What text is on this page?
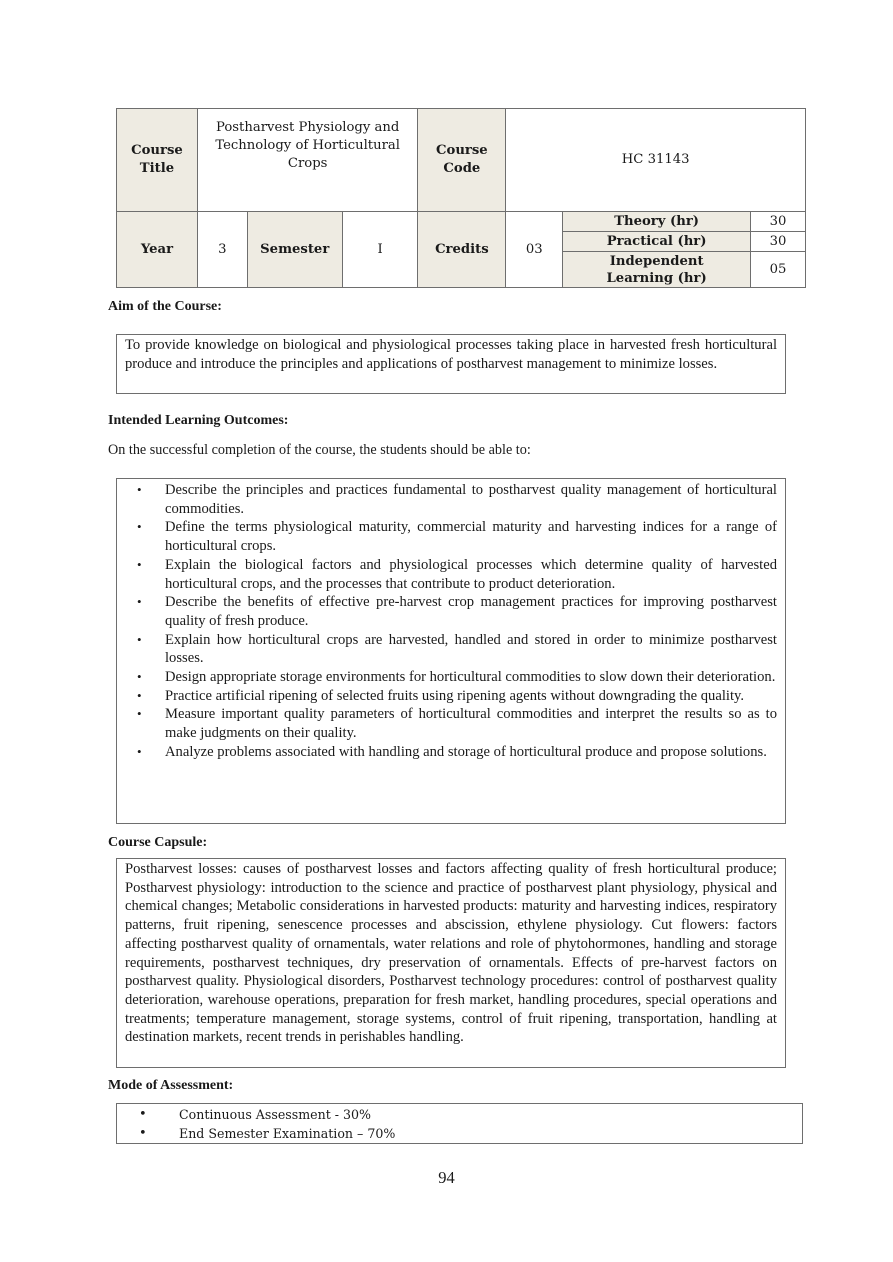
Course Title	Postharvest Physiology and Technology of Horticultural Crops			Course Code	HC 31143		
Year	3	Semester	I	Credits	03	Theory (hr)	30
						Practical (hr)	30
						Independent Learning (hr)	05
Aim of the Course:
To provide knowledge on biological and physiological processes taking place in harvested fresh horticultural produce and introduce the principles and applications of postharvest management to minimize losses.
Intended Learning Outcomes:
On the successful completion of the course, the students should be able to:
• Describe the principles and practices fundamental to postharvest quality management of horticultural commodities.
• Define the terms physiological maturity, commercial maturity and harvesting indices for a range of horticultural crops.
• Explain the biological factors and physiological processes which determine quality of harvested horticultural crops, and the processes that contribute to product deterioration.
• Describe the benefits of effective pre-harvest crop management practices for improving postharvest quality of fresh produce.
• Explain how horticultural crops are harvested, handled and stored in order to minimize postharvest losses.
• Design appropriate storage environments for horticultural commodities to slow down their deterioration.
• Practice artificial ripening of selected fruits using ripening agents without downgrading the quality.
• Measure important quality parameters of horticultural commodities and interpret the results so as to make judgments on their quality.
• Analyze problems associated with handling and storage of horticultural produce and propose solutions.
Course Capsule:
Postharvest losses: causes of postharvest losses and factors affecting quality of fresh horticultural produce; Postharvest physiology: introduction to the science and practice of postharvest plant physiology, physical and chemical changes; Metabolic considerations in harvested products: maturity and harvesting indices, respiratory patterns, fruit ripening, senescence processes and abscission, ethylene physiology. Cut flowers: factors affecting postharvest quality of ornamentals, water relations and role of phytohormones, handling and storage requirements, postharvest techniques, dry preservation of ornamentals. Effects of pre-harvest factors on postharvest quality. Physiological disorders, Postharvest technology procedures: control of postharvest quality deterioration, warehouse operations, preparation for fresh market, handling procedures, special operations and treatments; temperature management, storage systems, control of fruit ripening, transportation, handling at destination markets, recent trends in perishables handling.
Mode of Assessment:
•	Continuous Assessment - 30%
•	End Semester Examination – 70%
94
